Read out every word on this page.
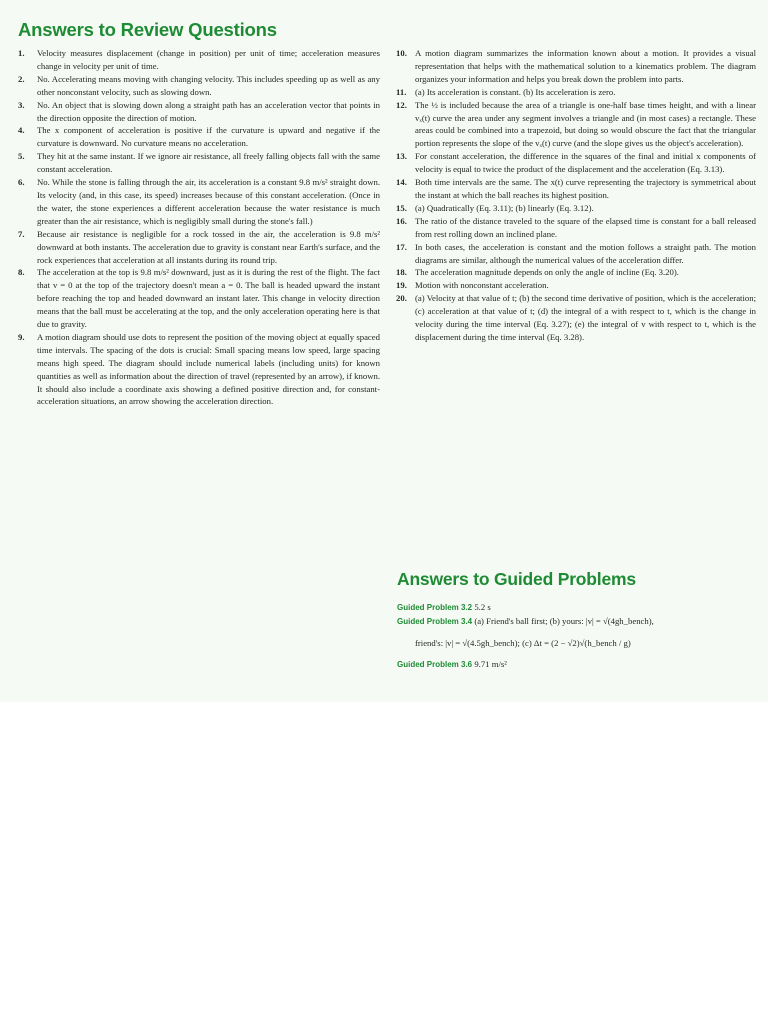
Answers to Review Questions

1.	Velocity measures displacement (change in position) per unit of time; acceleration measures change in velocity per unit of time.

2.	No. Accelerating means moving with changing velocity. This includes speeding up as well as any other nonconstant velocity, such as slowing down.

3.	No. An object that is slowing down along a straight path has an acceleration vector that points in the direction opposite the direction of motion.

4.	The x component of acceleration is positive if the curvature is upward and negative if the curvature is downward. No curvature means no acceleration.

5.	They hit at the same instant. If we ignore air resistance, all freely falling objects fall with the same constant acceleration.

6.	No. While the stone is falling through the air, its acceleration is a constant 9.8 m/s² straight down. Its velocity (and, in this case, its speed) increases because of this constant acceleration. (Once in the water, the stone experiences a different acceleration because the water resistance is much greater than the air resistance, which is negligibly small during the stone's fall.)

7.	Because air resistance is negligible for a rock tossed in the air, the acceleration is 9.8 m/s² downward at both instants. The acceleration due to gravity is constant near Earth's surface, and the rock experiences that acceleration at all instants during its round trip.

8.	The acceleration at the top is 9.8 m/s² downward, just as it is during the rest of the flight. The fact that v = 0 at the top of the trajectory doesn't mean a = 0. The ball is headed upward the instant before reaching the top and headed downward an instant later. This change in velocity direction means that the ball must be accelerating at the top, and the only acceleration operating here is that due to gravity.

9.	A motion diagram should use dots to represent the position of the moving object at equally spaced time intervals. The spacing of the dots is crucial: Small spacing means low speed, large spacing means high speed. The diagram should include numerical labels (including units) for known quantities as well as information about the direction of travel (represented by an arrow), if known. It should also include a coordinate axis showing a defined positive direction and, for constant-acceleration situations, an arrow showing the acceleration direction.

10. A motion diagram summarizes the information known about a motion. It provides a visual representation that helps with the mathematical solution to a kinematics problem. The diagram organizes your information and helps you break down the problem into parts.

11. (a) Its acceleration is constant. (b) Its acceleration is zero.

12. The ½ is included because the area of a triangle is one-half base times height, and with a linear vₓ(t) curve the area under any segment involves a triangle and (in most cases) a rectangle. These areas could be combined into a trapezoid, but doing so would obscure the fact that the triangular portion represents the slope of the vₓ(t) curve (and the slope gives us the object's acceleration).

13. For constant acceleration, the difference in the squares of the final and initial x components of velocity is equal to twice the product of the displacement and the acceleration (Eq. 3.13).

14. Both time intervals are the same. The x(t) curve representing the trajectory is symmetrical about the instant at which the ball reaches its highest position.

15. (a) Quadratically (Eq. 3.11); (b) linearly (Eq. 3.12).

16. The ratio of the distance traveled to the square of the elapsed time is constant for a ball released from rest rolling down an inclined plane.

17. In both cases, the acceleration is constant and the motion follows a straight path. The motion diagrams are similar, although the numerical values of the acceleration differ.

18. The acceleration magnitude depends on only the angle of incline (Eq. 3.20).

19. Motion with nonconstant acceleration.

20. (a) Velocity at that value of t; (b) the second time derivative of position, which is the acceleration; (c) acceleration at that value of t; (d) the integral of a with respect to t, which is the change in velocity during the time interval (Eq. 3.27); (e) the integral of v with respect to t, which is the displacement during the time interval (Eq. 3.28).

Answers to Guided Problems

Guided Problem 3.2 5.2 s

Guided Problem 3.4 (a) Friend's ball first; (b) yours: |v| = √(4gh_bench),

friend's: |v| = √(4.5gh_bench); (c) Δt = (2 − √2)√(h_bench / g)

Guided Problem 3.6 9.71 m/s²
